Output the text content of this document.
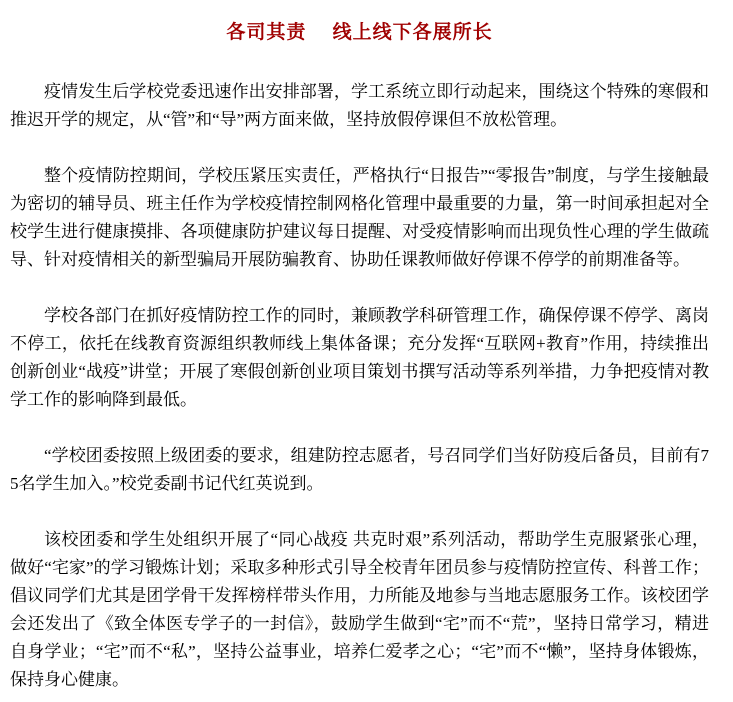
各司其责　 线上线下各展所长

疫情发生后学校党委迅速作出安排部署，学工系统立即行动起来，围绕这个特殊的寒假和推迟开学的规定，从“管”和“导”两方面来做，坚持放假停课但不放松管理。

整个疫情防控期间，学校压紧压实责任，严格执行“日报告”“零报告”制度，与学生接触最为密切的辅导员、班主任作为学校疫情控制网格化管理中最重要的力量，第一时间承担起对全校学生进行健康摸排、各项健康防护建议每日提醒、对受疫情影响而出现负性心理的学生做疏导、针对疫情相关的新型骗局开展防骗教育、协助任课教师做好停课不停学的前期准备等。

学校各部门在抓好疫情防控工作的同时，兼顾教学科研管理工作，确保停课不停学、离岗不停工，依托在线教育资源组织教师线上集体备课；充分发挥“互联网+教育”作用，持续推出创新创业“战疫”讲堂；开展了寒假创新创业项目策划书撰写活动等系列举措，力争把疫情对教学工作的影响降到最低。

“学校团委按照上级团委的要求，组建防控志愿者，号召同学们当好防疫后备员，目前有75名学生加入。”校党委副书记代红英说到。

该校团委和学生处组织开展了“同心战疫 共克时艰”系列活动，帮助学生克服紧张心理，做好“宅家”的学习锻炼计划；采取多种形式引导全校青年团员参与疫情防控宣传、科普工作；倡议同学们尤其是团学骨干发挥榜样带头作用，力所能及地参与当地志愿服务工作。该校团学会还发出了《致全体医专学子的一封信》，鼓励学生做到“宅”而不“荒”，坚持日常学习，精进自身学业；“宅”而不“私”，坚持公益事业，培养仁爱孝之心；“宅”而不“懒”，坚持身体锻炼，保持身心健康。
